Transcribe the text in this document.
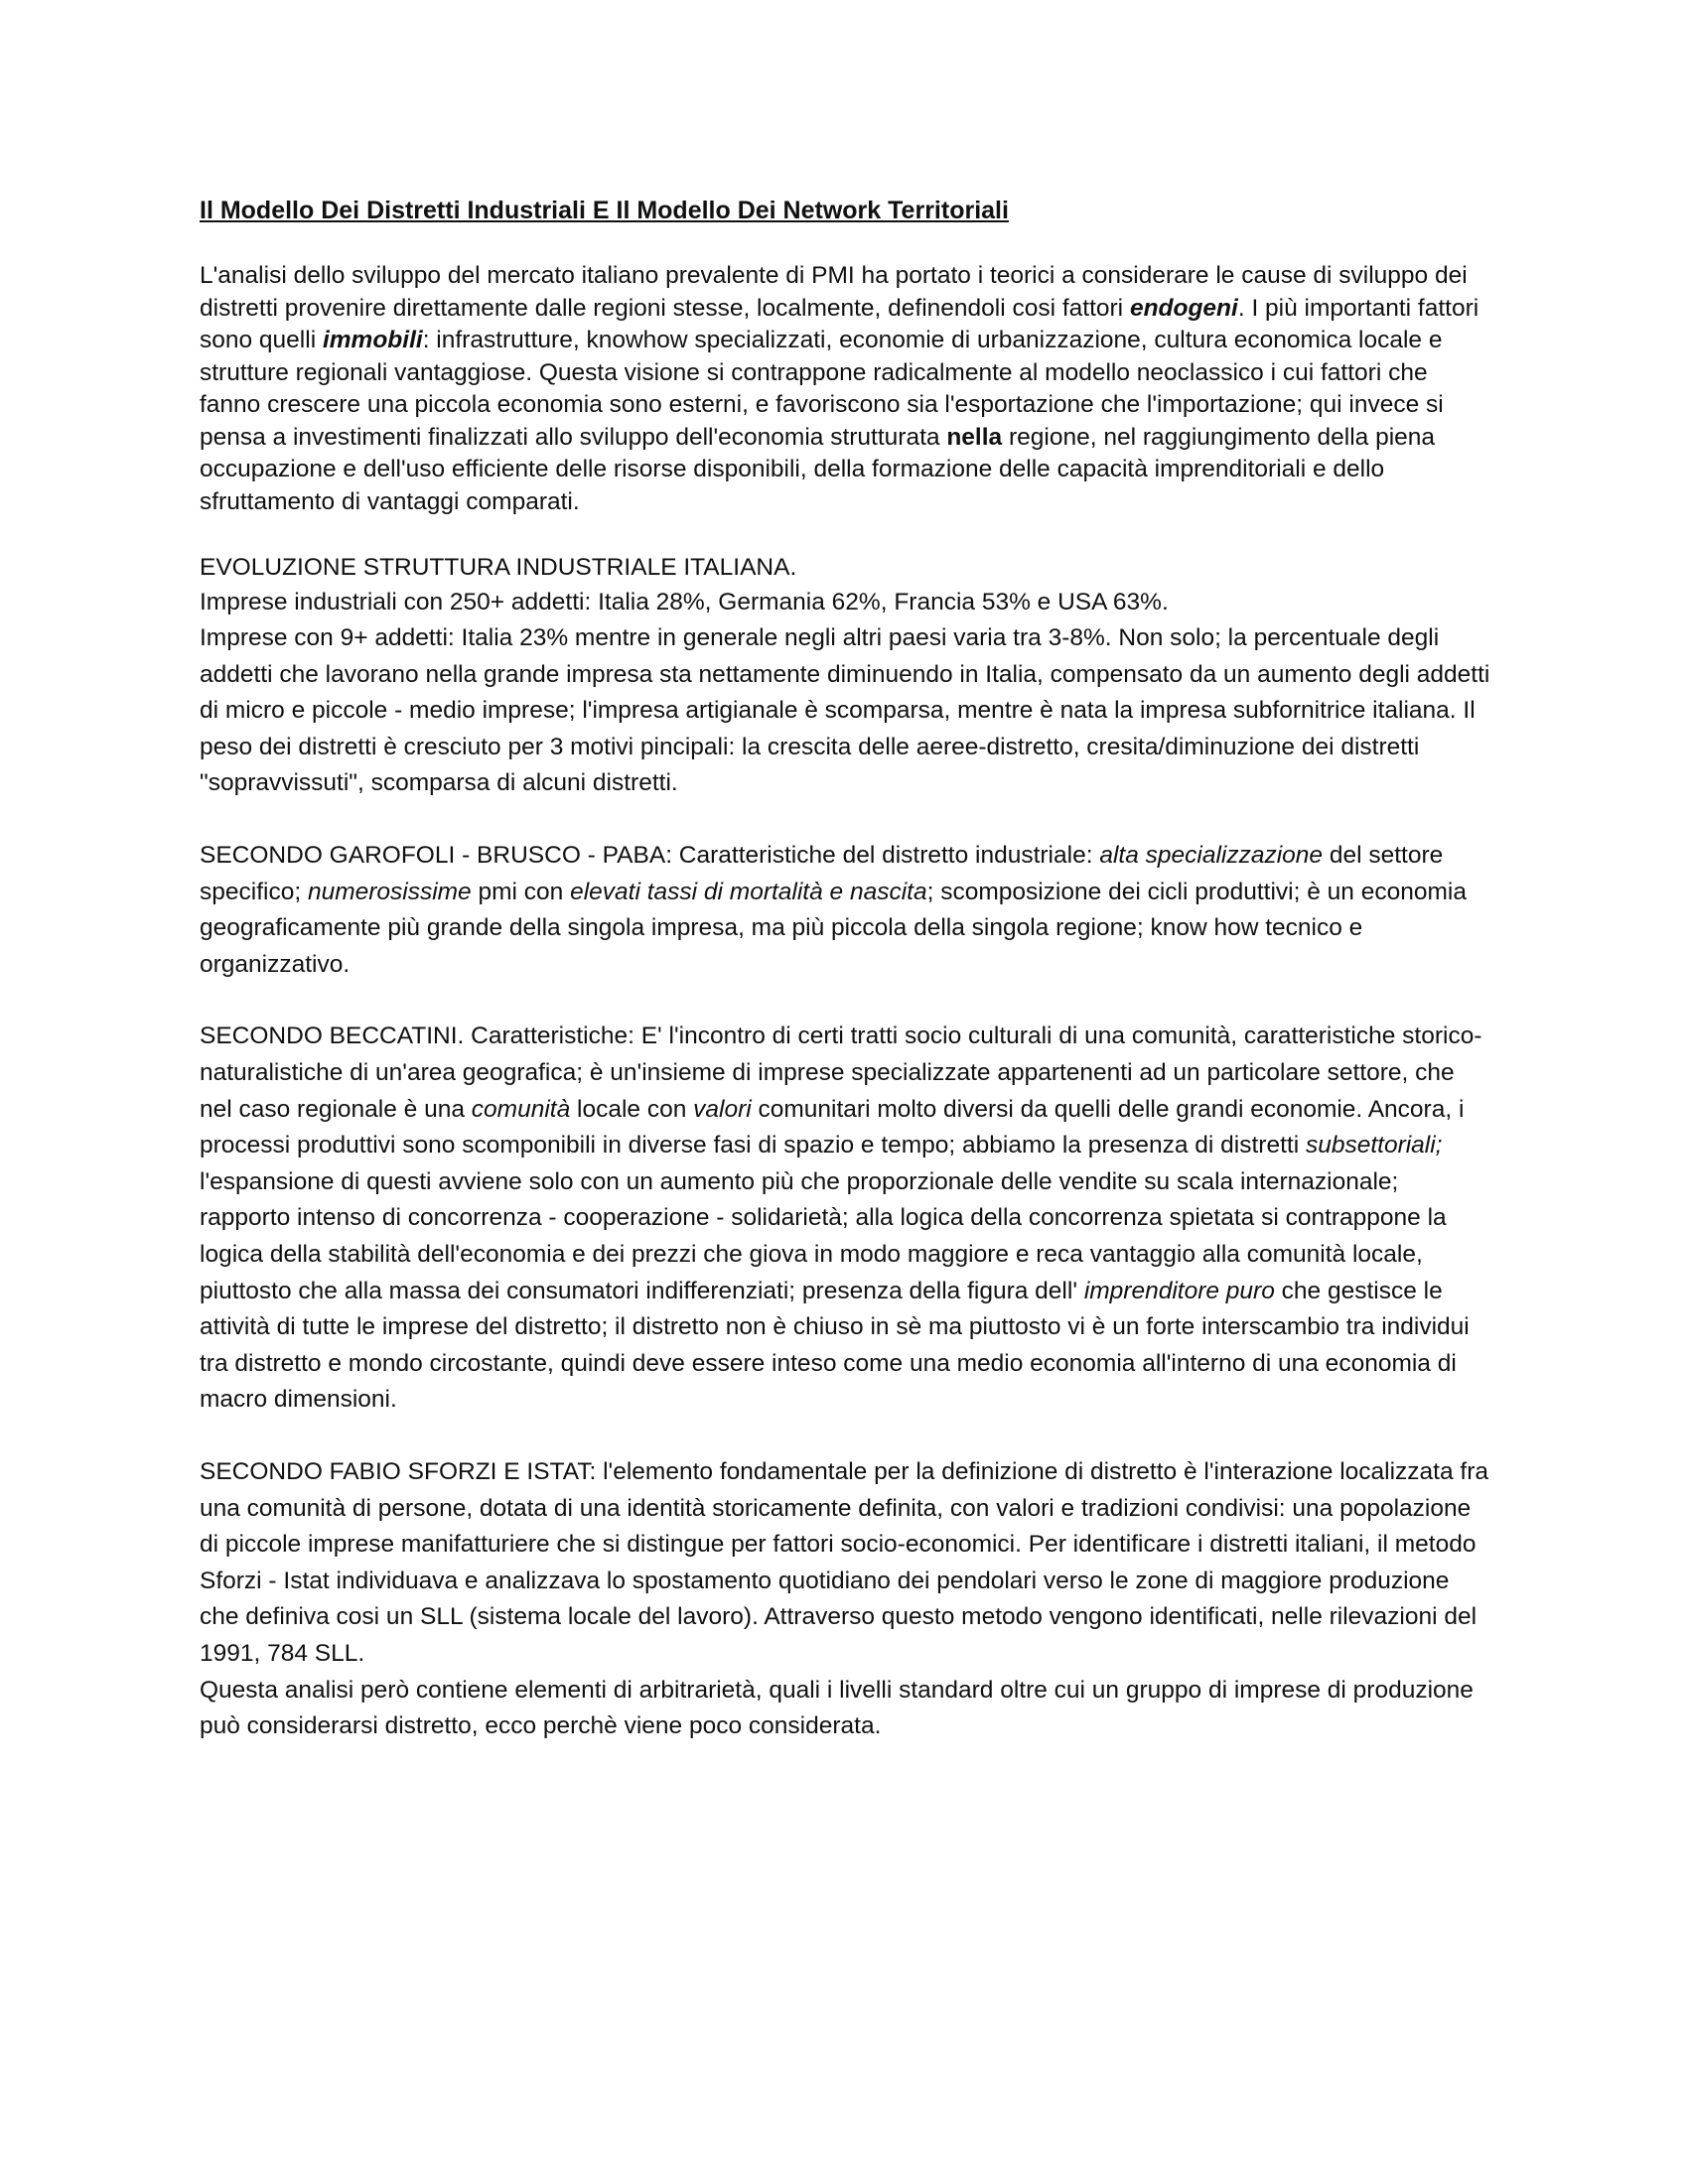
Il Modello Dei Distretti Industriali E Il Modello Dei Network Territoriali

L'analisi dello sviluppo del mercato italiano prevalente di PMI ha portato i teorici a considerare le cause di sviluppo dei distretti provenire direttamente dalle regioni stesse, localmente, definendoli cosi fattori endogeni. I più importanti fattori sono quelli immobili: infrastrutture, knowhow specializzati, economie di urbanizzazione, cultura economica locale e strutture regionali vantaggiose. Questa visione si contrappone radicalmente al modello neoclassico i cui fattori che fanno crescere una piccola economia sono esterni, e favoriscono sia l'esportazione che l'importazione; qui invece si pensa a investimenti finalizzati allo sviluppo dell'economia strutturata nella regione, nel raggiungimento della piena occupazione e dell'uso efficiente delle risorse disponibili, della formazione delle capacità imprenditoriali e dello sfruttamento di vantaggi comparati.

EVOLUZIONE STRUTTURA INDUSTRIALE ITALIANA.

Imprese industriali con 250+ addetti: Italia 28%, Germania 62%, Francia 53% e USA 63%.
Imprese con 9+ addetti: Italia 23% mentre in generale negli altri paesi varia tra 3-8%. Non solo; la percentuale degli addetti che lavorano nella grande impresa sta nettamente diminuendo in Italia, compensato da un aumento degli addetti di micro e piccole - medio imprese; l'impresa artigianale è scomparsa, mentre è nata la impresa subfornitrice italiana. Il peso dei distretti è cresciuto per 3 motivi pincipali: la crescita delle aeree-distretto, cresita/diminuzione dei distretti "sopravvissuti", scomparsa di alcuni distretti.

SECONDO GAROFOLI - BRUSCO - PABA: Caratteristiche del distretto industriale: alta specializzazione del settore specifico; numerosissime pmi con elevati tassi di mortalità e nascita; scomposizione dei cicli produttivi; è un economia geograficamente più grande della singola impresa, ma più piccola della singola regione; know how tecnico e organizzativo.

SECONDO BECCATINI. Caratteristiche: E' l'incontro di certi tratti socio culturali di una comunità, caratteristiche storico-naturalistiche di un'area geografica; è un'insieme di imprese specializzate appartenenti ad un particolare settore, che nel caso regionale è una comunità locale con valori comunitari molto diversi da quelli delle grandi economie. Ancora, i processi produttivi sono scomponibili in diverse fasi di spazio e tempo; abbiamo la presenza di distretti subsettoriali; l'espansione di questi avviene solo con un aumento più che proporzionale delle vendite su scala internazionale; rapporto intenso di concorrenza - cooperazione - solidarietà; alla logica della concorrenza spietata si contrappone la logica della stabilità dell'economia e dei prezzi che giova in modo maggiore e reca vantaggio alla comunità locale, piuttosto che alla massa dei consumatori indifferenziati; presenza della figura dell' imprenditore puro che gestisce le attività di tutte le imprese del distretto; il distretto non è chiuso in sè ma piuttosto vi è un forte interscambio tra individui tra distretto e mondo circostante, quindi deve essere inteso come una medio economia all'interno di una economia di macro dimensioni.

SECONDO FABIO SFORZI E ISTAT: l'elemento fondamentale per la definizione di distretto è l'interazione localizzata fra una comunità di persone, dotata di una identità storicamente definita, con valori e tradizioni condivisi: una popolazione di piccole imprese manifatturiere che si distingue per fattori socio-economici. Per identificare i distretti italiani, il metodo Sforzi - Istat individuava e analizzava lo spostamento quotidiano dei pendolari verso le zone di maggiore produzione che definiva cosi un SLL (sistema locale del lavoro). Attraverso questo metodo vengono identificati, nelle rilevazioni del 1991, 784 SLL.

Questa analisi però contiene elementi di arbitrarietà, quali i livelli standard oltre cui un gruppo di imprese di produzione può considerarsi distretto, ecco perchè viene poco considerata.
